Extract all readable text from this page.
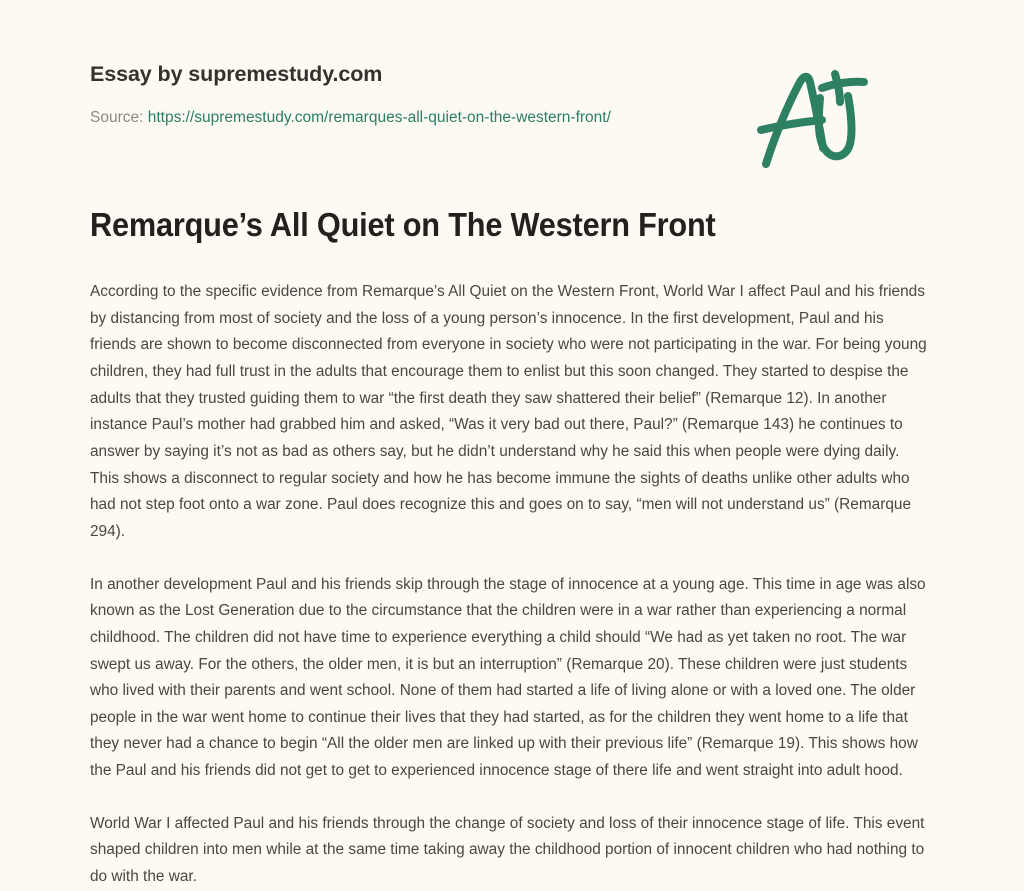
Essay by supremestudy.com
Source: https://supremestudy.com/remarques-all-quiet-on-the-western-front/
Remarque’s All Quiet on The Western Front

According to the specific evidence from Remarque’s All Quiet on the Western Front, World War I affect Paul and his friends by distancing from most of society and the loss of a young person’s innocence. In the first development, Paul and his friends are shown to become disconnected from everyone in society who were not participating in the war. For being young children, they had full trust in the adults that encourage them to enlist but this soon changed. They started to despise the adults that they trusted guiding them to war “the first death they saw shattered their belief” (Remarque 12). In another instance Paul’s mother had grabbed him and asked, “Was it very bad out there, Paul?” (Remarque 143) he continues to answer by saying it’s not as bad as others say, but he didn’t understand why he said this when people were dying daily. This shows a disconnect to regular society and how he has become immune the sights of deaths unlike other adults who had not step foot onto a war zone. Paul does recognize this and goes on to say, “men will not understand us” (Remarque 294).

In another development Paul and his friends skip through the stage of innocence at a young age. This time in age was also known as the Lost Generation due to the circumstance that the children were in a war rather than experiencing a normal childhood. The children did not have time to experience everything a child should “We had as yet taken no root. The war swept us away. For the others, the older men, it is but an interruption” (Remarque 20). These children were just students who lived with their parents and went school. None of them had started a life of living alone or with a loved one. The older people in the war went home to continue their lives that they had started, as for the children they went home to a life that they never had a chance to begin “All the older men are linked up with their previous life” (Remarque 19). This shows how the Paul and his friends did not get to get to experienced innocence stage of there life and went straight into adult hood.

World War I affected Paul and his friends through the change of society and loss of their innocence stage of life. This event shaped children into men while at the same time taking away the childhood portion of innocent children who had nothing to do with the war.
